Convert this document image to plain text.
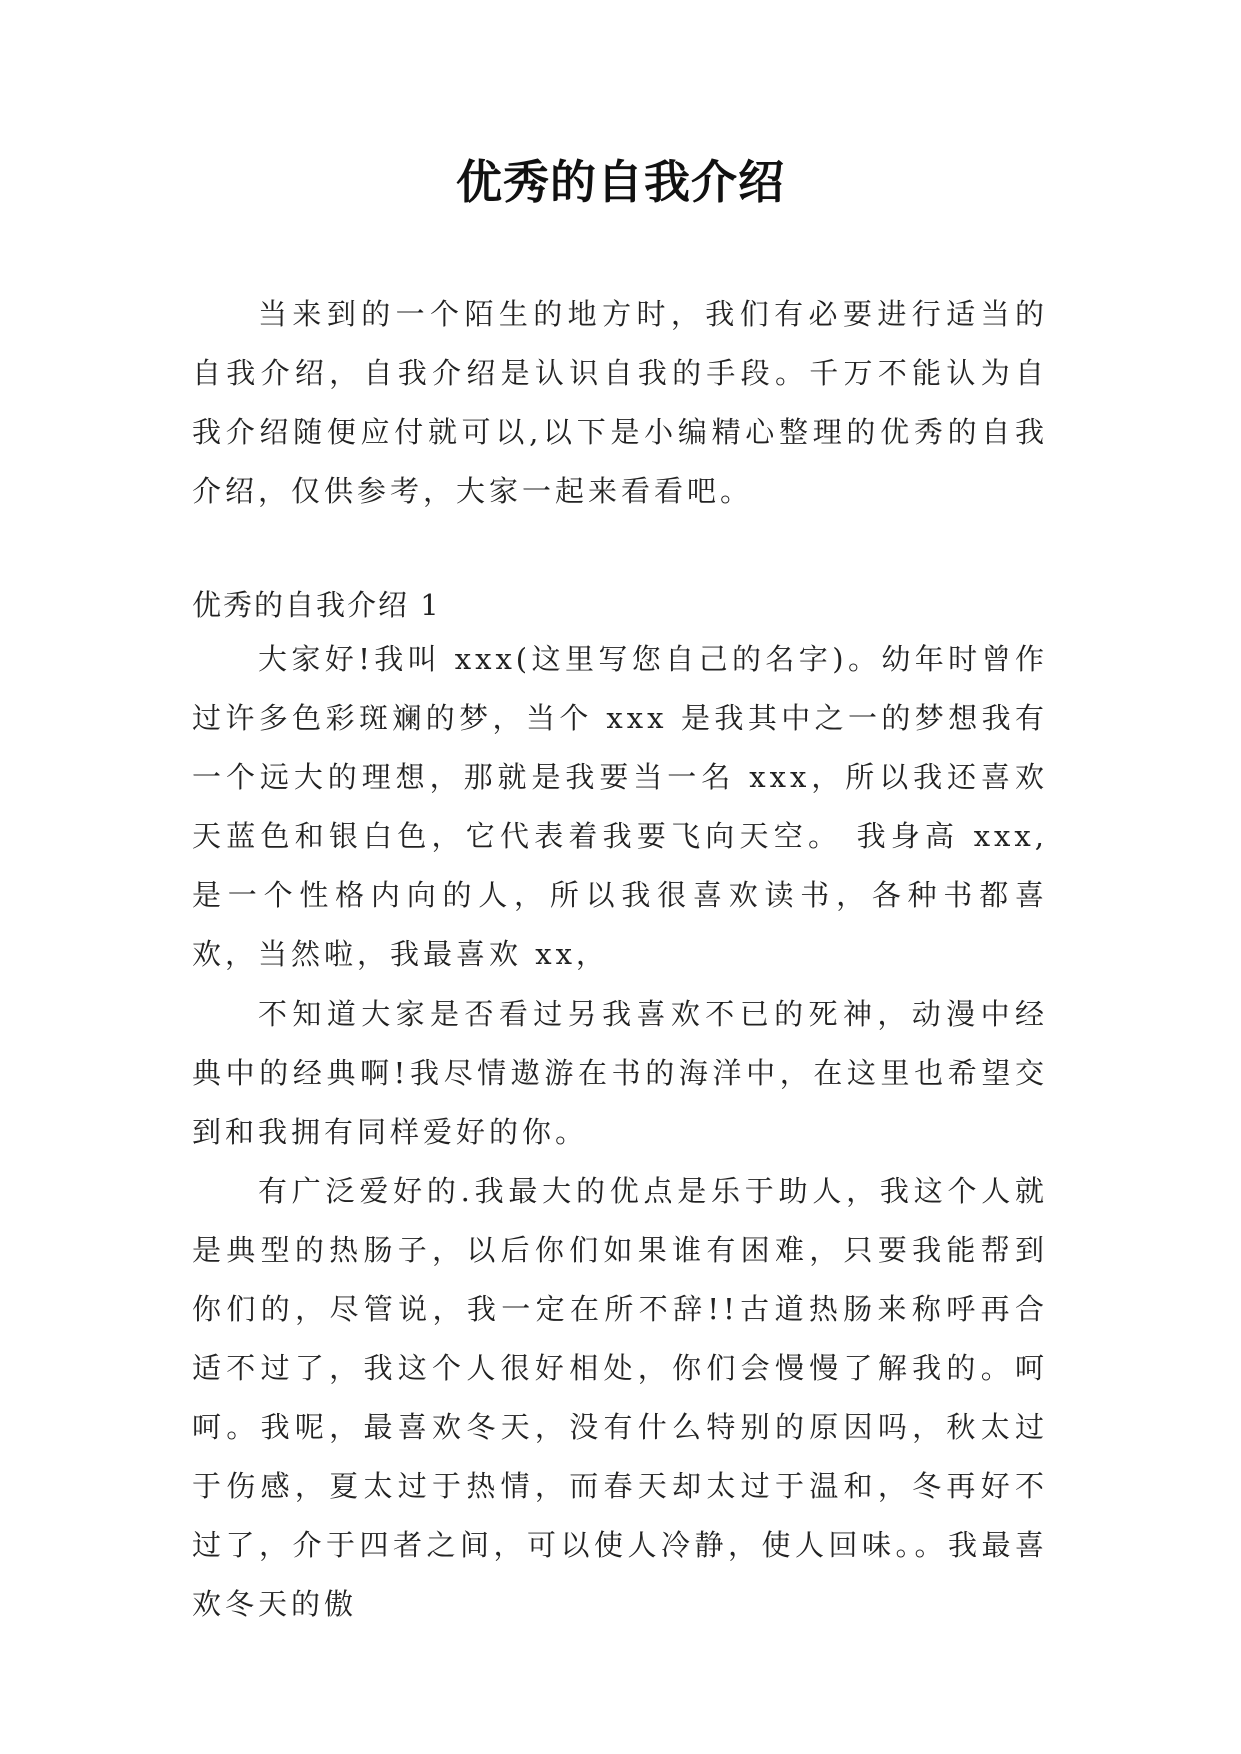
优秀的自我介绍

当来到的一个陌生的地方时，我们有必要进行适当的自我介绍，自我介绍是认识自我的手段。千万不能认为自我介绍随便应付就可以,以下是小编精心整理的优秀的自我介绍，仅供参考，大家一起来看看吧。

优秀的自我介绍 1

大家好!我叫 xxx(这里写您自己的名字)。幼年时曾作过许多色彩斑斓的梦，当个 xxx 是我其中之一的梦想我有一个远大的理想，那就是我要当一名 xxx，所以我还喜欢天蓝色和银白色，它代表着我要飞向天空。 我身高 xxx,是一个性格内向的人，所以我很喜欢读书，各种书都喜欢，当然啦，我最喜欢 xx，

不知道大家是否看过另我喜欢不已的死神，动漫中经典中的经典啊!我尽情遨游在书的海洋中，在这里也希望交到和我拥有同样爱好的你。

有广泛爱好的.我最大的优点是乐于助人，我这个人就是典型的热肠子，以后你们如果谁有困难，只要我能帮到你们的，尽管说，我一定在所不辞!!古道热肠来称呼再合适不过了，我这个人很好相处，你们会慢慢了解我的。呵呵。我呢，最喜欢冬天，没有什么特别的原因吗，秋太过于伤感，夏太过于热情，而春天却太过于温和，冬再好不过了，介于四者之间，可以使人冷静，使人回味。。我最喜欢冬天的傲
